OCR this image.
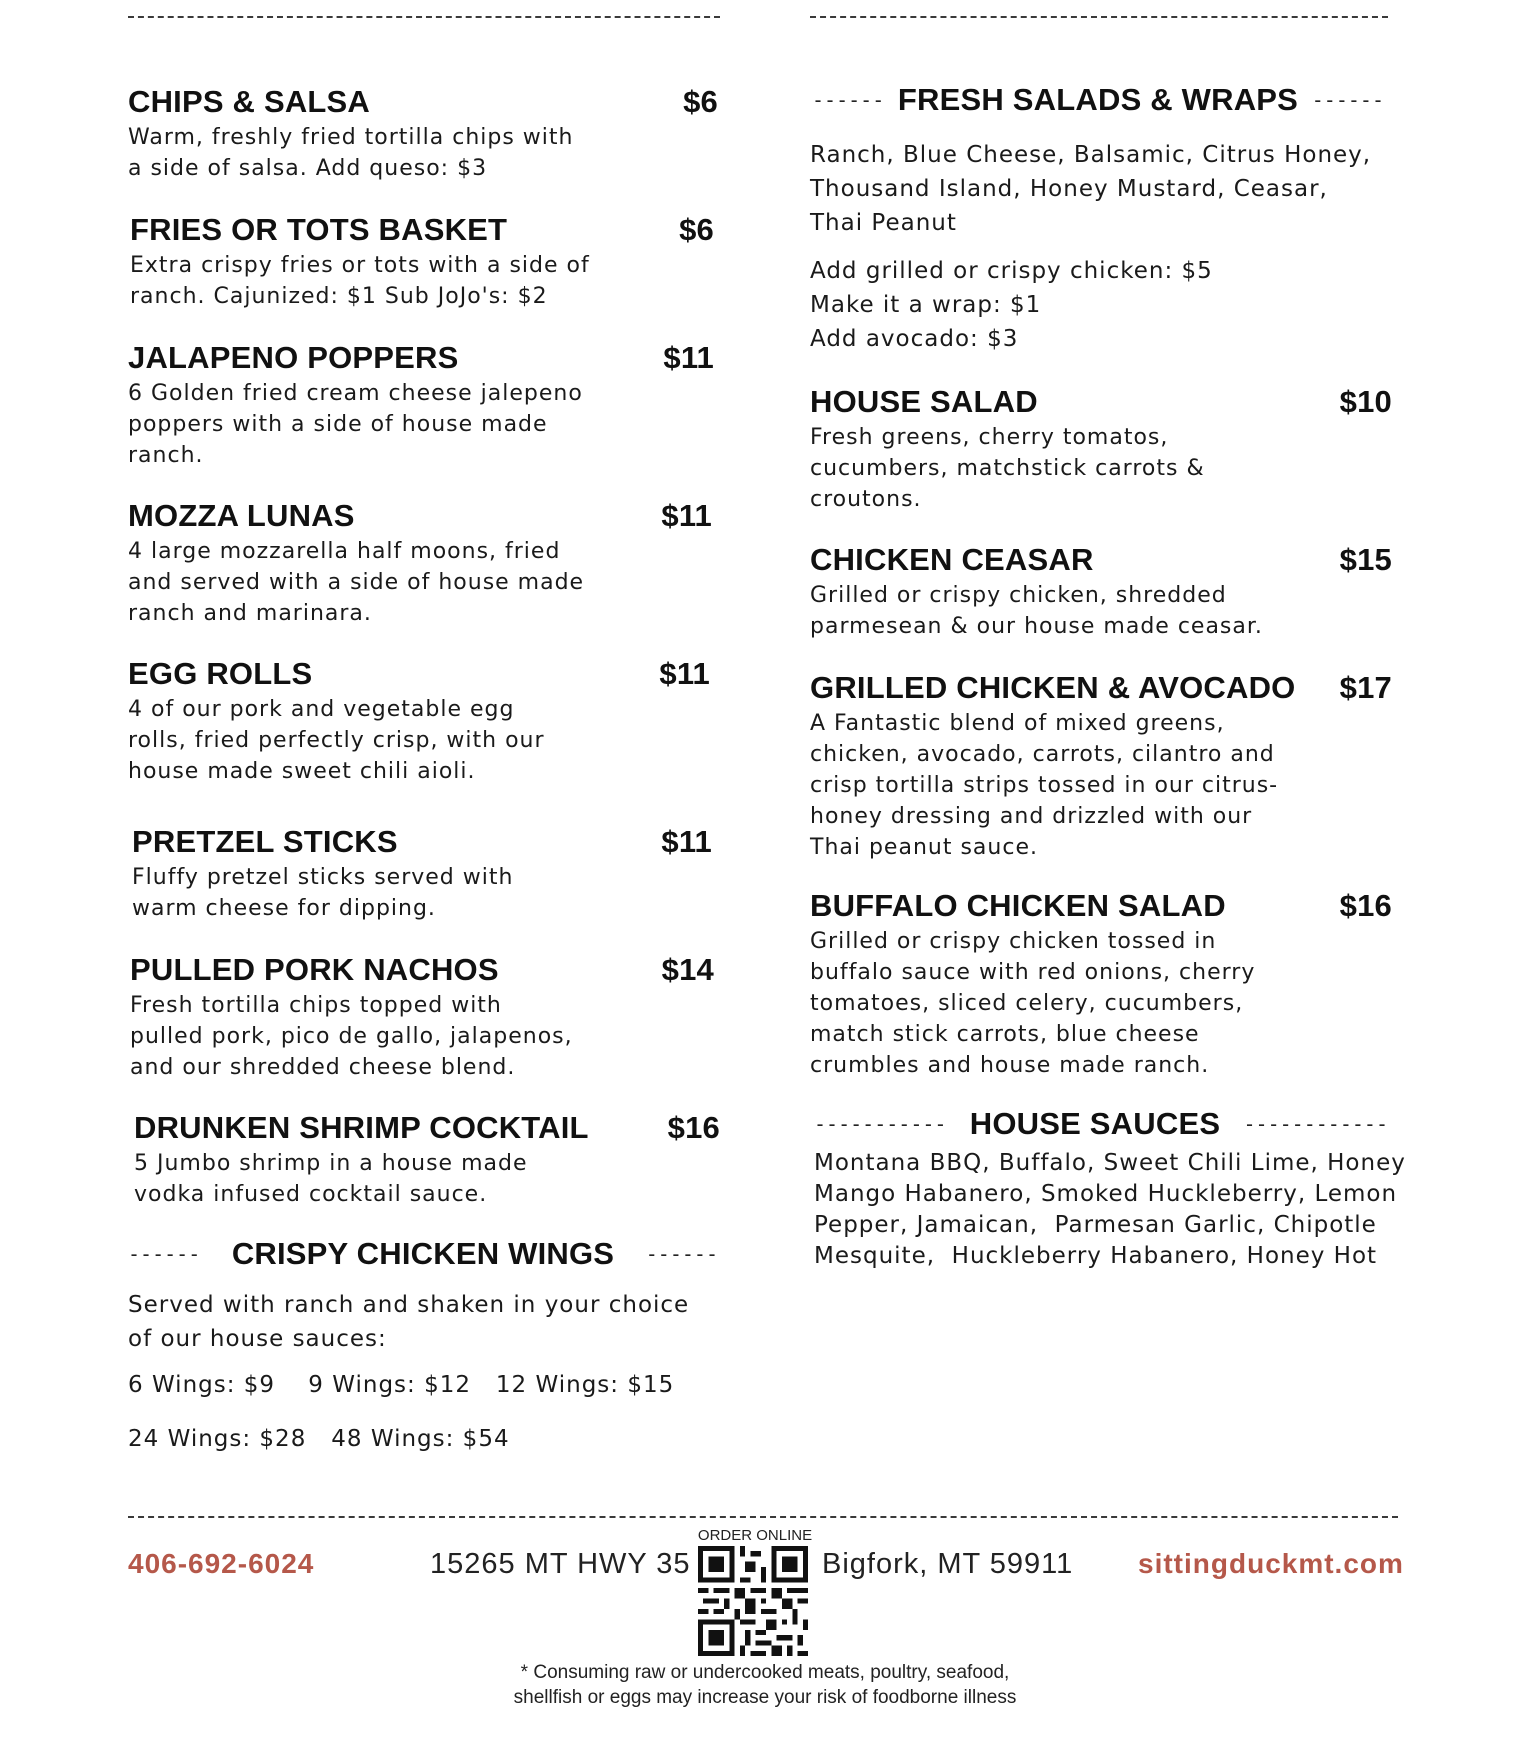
CHIPS & SALSA	$6
Warm, freshly fried tortilla chips with
a side of salsa. Add queso: $3
FRIES OR TOTS BASKET	$6
Extra crispy fries or tots with a side of
ranch. Cajunized: $1 Sub JoJo's: $2
JALAPENO POPPERS	$11
6 Golden fried cream cheese jalepeno
poppers with a side of house made
ranch.
MOZZA LUNAS	$11
4 large mozzarella half moons, fried
and served with a side of house made
ranch and marinara.
EGG ROLLS	$11
4 of our pork and vegetable egg
rolls, fried perfectly crisp, with our
house made sweet chili aioli.
PRETZEL STICKS	$11
Fluffy pretzel sticks served with
warm cheese for dipping.
PULLED PORK NACHOS	$14
Fresh tortilla chips topped with
pulled pork, pico de gallo, jalapenos,
and our shredded cheese blend.
DRUNKEN SHRIMP COCKTAIL	$16
5 Jumbo shrimp in a house made
vodka infused cocktail sauce.
------ CRISPY CHICKEN WINGS ------
Served with ranch and shaken in your choice
of our house sauces:
6 Wings: $9    9 Wings: $12   12 Wings: $15
24 Wings: $28   48 Wings: $54
------ FRESH SALADS & WRAPS ------
Ranch, Blue Cheese, Balsamic, Citrus Honey,
Thousand Island, Honey Mustard, Ceasar,
Thai Peanut
Add grilled or crispy chicken: $5
Make it a wrap: $1
Add avocado: $3
HOUSE SALAD	$10
Fresh greens, cherry tomatos,
cucumbers, matchstick carrots &
croutons.
CHICKEN CEASAR	$15
Grilled or crispy chicken, shredded
parmesean & our house made ceasar.
GRILLED CHICKEN & AVOCADO $17
A Fantastic blend of mixed greens,
chicken, avocado, carrots, cilantro and
crisp tortilla strips tossed in our citrus-
honey dressing and drizzled with our
Thai peanut sauce.
BUFFALO CHICKEN SALAD	$16
Grilled or crispy chicken tossed in
buffalo sauce with red onions, cherry
tomatoes, sliced celery, cucumbers,
match stick carrots, blue cheese
crumbles and house made ranch.
----------- HOUSE SAUCES ------------
Montana BBQ, Buffalo, Sweet Chili Lime, Honey
Mango Habanero, Smoked Huckleberry, Lemon
Pepper, Jamaican,  Parmesan Garlic, Chipotle
Mesquite,  Huckleberry Habanero, Honey Hot
406-692-6024	15265 MT HWY 35
ORDER ONLINE
Bigfork, MT 59911 sittingduckmt.com
* Consuming raw or undercooked meats, poultry, seafood,
shellfish or eggs may increase your risk of foodborne illness
